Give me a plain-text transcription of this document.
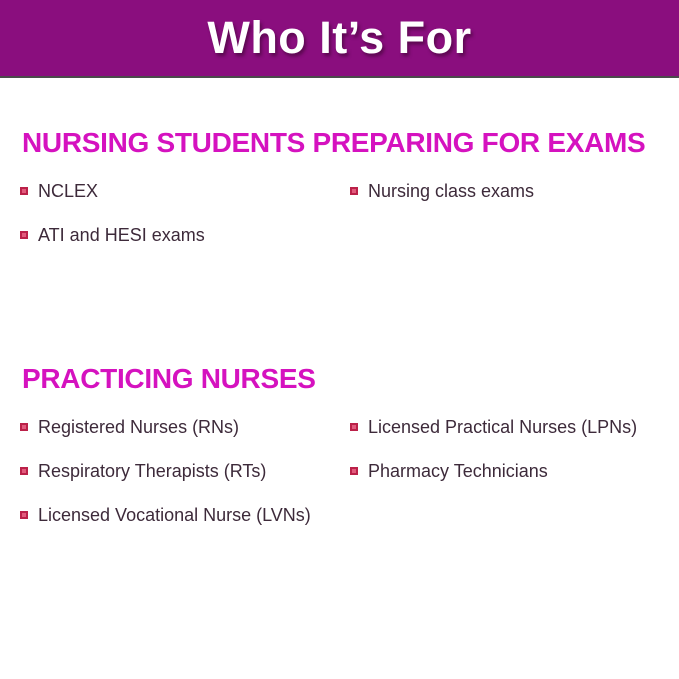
Who It’s For
NURSING STUDENTS PREPARING FOR EXAMS
NCLEX
ATI and HESI exams
Nursing class exams
PRACTICING NURSES
Registered Nurses (RNs)
Respiratory Therapists (RTs)
Licensed Vocational Nurse (LVNs)
Licensed Practical Nurses (LPNs)
Pharmacy Technicians
